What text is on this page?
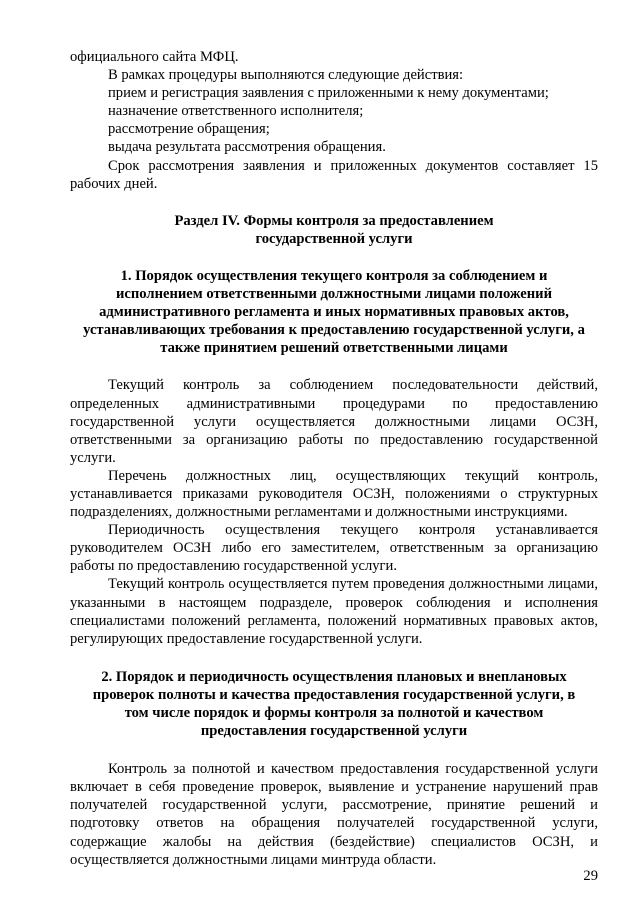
официального сайта МФЦ.

В рамках процедуры выполняются следующие действия:

прием и регистрация заявления с приложенными к нему документами;

назначение ответственного исполнителя;

рассмотрение обращения;

выдача результата рассмотрения обращения.

Срок рассмотрения заявления и приложенных документов составляет 15 рабочих дней.

Раздел IV. Формы контроля за предоставлением
государственной услуги
1. Порядок осуществления текущего контроля за соблюдением и
исполнением ответственными должностными лицами положений
административного регламента и иных нормативных правовых актов,
устанавливающих требования к предоставлению государственной услуги, а
также принятием решений ответственными лицами

Текущий контроль за соблюдением последовательности действий, определенных административными процедурами по предоставлению государственной услуги осуществляется должностными лицами ОСЗН, ответственными за организацию работы по предоставлению государственной услуги.

Перечень должностных лиц, осуществляющих текущий контроль, устанавливается приказами руководителя ОСЗН, положениями о структурных подразделениях, должностными регламентами и должностными инструкциями.

Периодичность осуществления текущего контроля устанавливается руководителем ОСЗН либо его заместителем, ответственным за организацию работы по предоставлению государственной услуги.

Текущий контроль осуществляется путем проведения должностными лицами, указанными в настоящем подразделе, проверок соблюдения и исполнения специалистами положений регламента, положений нормативных правовых актов, регулирующих предоставление государственной услуги.

2. Порядок и периодичность осуществления плановых и внеплановых
проверок полноты и качества предоставления государственной услуги, в
том числе порядок и формы контроля за полнотой и качеством
предоставления государственной услуги

Контроль за полнотой и качеством предоставления государственной услуги включает в себя проведение проверок, выявление и устранение нарушений прав получателей государственной услуги, рассмотрение, принятие решений и подготовку ответов на обращения получателей государственной услуги, содержащие жалобы на действия (бездействие) специалистов ОСЗН, и осуществляется должностными лицами минтруда области.

29
